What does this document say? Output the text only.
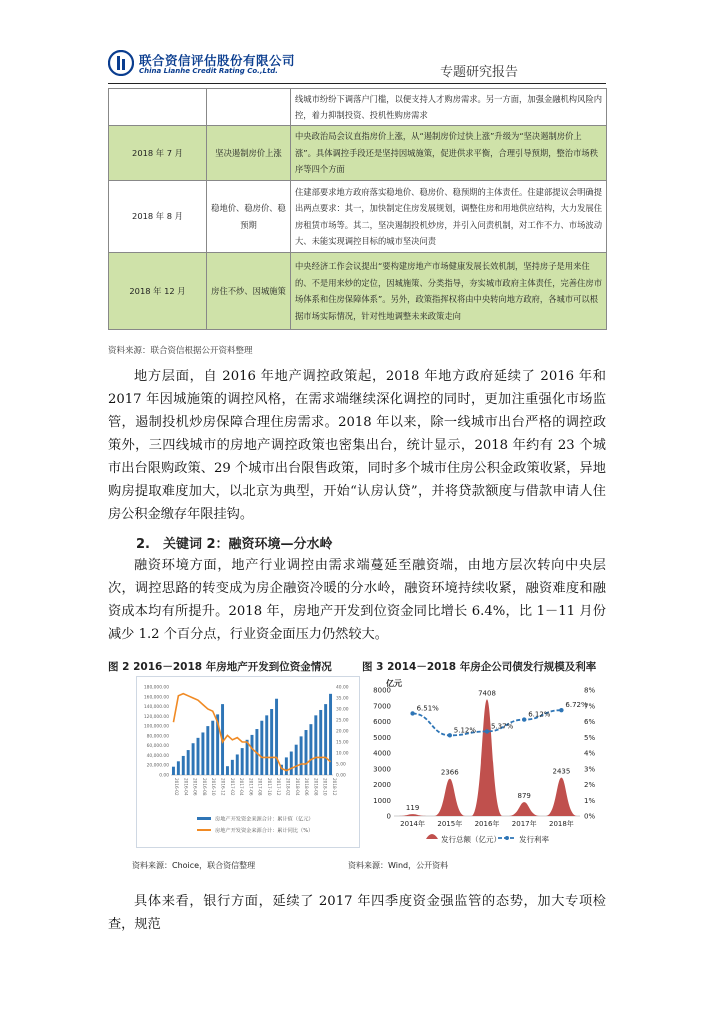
联合资信评估股份有限公司
China Lianhe Credit Rating Co.,Ltd.	专题研究报告
		线城市纷纷下调落户门槛，以便支持人才购房需求。另一方面，加强金融机构风险内控，着力抑制投资、投机性购房需求
2018 年 7 月	坚决遏制房价上涨	中央政治局会议直指房价上涨，从“遏制房价过快上涨”升级为“坚决遏制房价上涨”。具体调控手段还是坚持因城施策，促进供求平衡，合理引导预期，整治市场秩序等四个方面
2018 年 8 月	稳地价、稳房价、稳预期	住建部要求地方政府落实稳地价、稳房价、稳预期的主体责任。住建部提议会明确提出两点要求：其一，加快制定住房发展规划，调整住房和用地供应结构，大力发展住房租赁市场等。其二，坚决遏制投机炒房，并引入问责机制，对工作不力、市场波动大、未能实现调控目标的城市坚决问责
2018 年 12 月	房住不炒、因城施策	中央经济工作会议提出“要构建房地产市场健康发展长效机制，坚持房子是用来住的、不是用来炒的定位，因城施策、分类指导，夯实城市政府主体责任，完善住房市场体系和住房保障体系”。另外，政策指挥权将由中央转向地方政府，各城市可以根据市场实际情况，针对性地调整未来政策走向
资料来源：联合资信根据公开资料整理
地方层面，自 2016 年地产调控政策起，2018 年地方政府延续了 2016 年和 2017 年因城施策的调控风格，在需求端继续深化调控的同时，更加注重强化市场监管，遏制投机炒房保障合理住房需求。2018 年以来，除一线城市出台严格的调控政策外，三四线城市的房地产调控政策也密集出台，统计显示，2018 年约有 23 个城市出台限购政策、29 个城市出台限售政策，同时多个城市住房公积金政策收紧，异地购房提取难度加大，以北京为典型，开始“认房认贷”，并将贷款额度与借款申请人住房公积金缴存年限挂钩。
2.　关键词 2：融资环境—分水岭
融资环境方面，地产行业调控由需求端蔓延至融资端，由地方层次转向中央层次，调控思路的转变成为房企融资冷暖的分水岭，融资环境持续收紧，融资难度和融资成本均有所提升。2018 年，房地产开发到位资金同比增长 6.4%，比 1－11 月份减少 1.2 个百分点，行业资金面压力仍然较大。
图 2 2016－2018 年房地产开发到位资金情况	图 3 2014－2018 年房企公司债发行规模及利率
180,000.00
160,000.00
140,000.00
120,000.00
100,000.00
80,000.00
60,000.00
40,000.00
20,000.00
0.00
40.00
35.00
30.00
25.00
20.00
15.00
10.00
5.00
0.00
2016-02 2016-04 2016-06 2016-08 2016-10 2016-12 2017-02 2017-04 2017-06 2017-08 2017-10 2017-12 2018-02 2018-04 2018-06 2018-08 2018-10 2018-12
房地产开发资金来源合计：累计值（亿元）
房地产开发资金来源合计：累计同比（%）
亿元
8000
7000
6000
5000
4000
3000
2000
1000
0
8%
7%
6%
5%
4%
3%
2%
1%
0%
119
2366
7408
879
2435
6.51%
5.12% 5.37%
6.12%
6.72%
2014年 2015年 2016年 2017年 2018年
发行总额（亿元） 发行利率
资料来源：Choice，联合资信整理	资料来源：Wind，公开资料
具体来看，银行方面，延续了 2017 年四季度资金强监管的态势，加大专项检查，规范
